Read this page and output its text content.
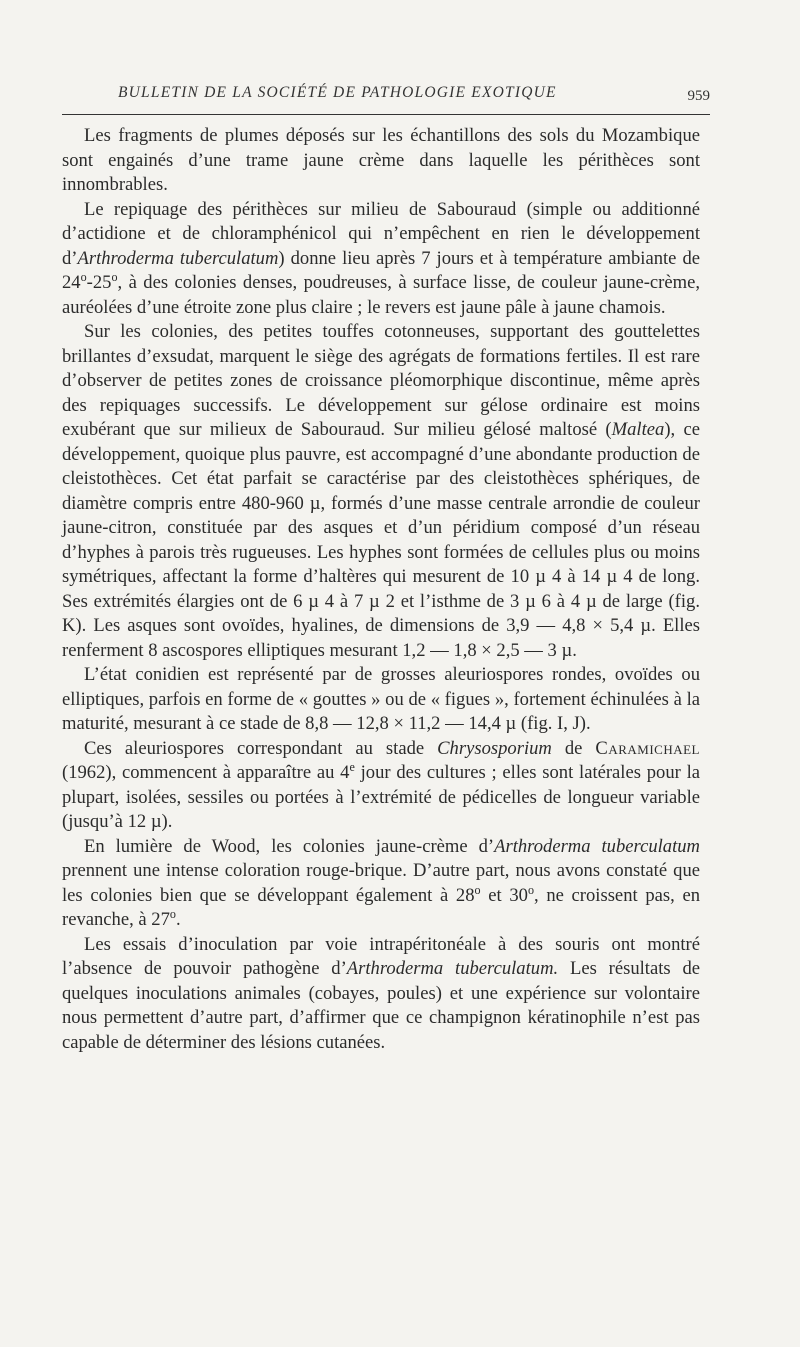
BULLETIN DE LA SOCIÉTÉ DE PATHOLOGIE EXOTIQUE	959

Les fragments de plumes déposés sur les échantillons des sols du Mozambique sont engainés d’une trame jaune crème dans laquelle les périthèces sont innombrables.

Le repiquage des périthèces sur milieu de Sabouraud (simple ou additionné d’actidione et de chloramphénicol qui n’empêchent en rien le développement d’Arthroderma tuberculatum) donne lieu après 7 jours et à température ambiante de 24$^o$-25$^o$, à des colonies denses, poudreuses, à surface lisse, de couleur jaune-crème, auréolées d’une étroite zone plus claire ; le revers est jaune pâle à jaune chamois.

Sur les colonies, des petites touffes cotonneuses, supportant des gouttelettes brillantes d’exsudat, marquent le siège des agrégats de formations fertiles. Il est rare d’observer de petites zones de croissance pléomorphique discontinue, même après des repiquages successifs. Le développement sur gélose ordinaire est moins exubérant que sur milieux de Sabouraud. Sur milieu gélosé maltosé (Maltea), ce développement, quoique plus pauvre, est accompagné d’une abondante production de cleistothèces. Cet état parfait se caractérise par des cleistothèces sphériques, de diamètre compris entre 480-960 µ, formés d’une masse centrale arrondie de couleur jaune-citron, constituée par des asques et d’un péridium composé d’un réseau d’hyphes à parois très rugueuses. Les hyphes sont formées de cellules plus ou moins symétriques, affectant la forme d’haltères qui mesurent de 10 µ 4 à 14 µ 4 de long. Ses extrémités élargies ont de 6 µ 4 à 7 µ 2 et l’isthme de 3 µ 6 à 4 µ de large (fig. K). Les asques sont ovoïdes, hyalines, de dimensions de 3,9 — 4,8 × 5,4 µ. Elles renferment 8 ascospores elliptiques mesurant 1,2 — 1,8 × 2,5 — 3 µ.

L’état conidien est représenté par de grosses aleuriospores rondes, ovoïdes ou elliptiques, parfois en forme de « gouttes » ou de « figues », fortement échinulées à la maturité, mesurant à ce stade de 8,8 — 12,8 × 11,2 — 14,4 µ (fig. I, J).

Ces aleuriospores correspondant au stade Chrysosporium de Caramichael (1962), commencent à apparaître au 4e jour des cultures ; elles sont latérales pour la plupart, isolées, sessiles ou portées à l’extrémité de pédicelles de longueur variable (jusqu’à 12 µ).

En lumière de Wood, les colonies jaune-crème d’Arthroderma tuberculatum prennent une intense coloration rouge-brique. D’autre part, nous avons constaté que les colonies bien que se développant également à 28$^o$ et 30$^o$, ne croissent pas, en revanche, à 27$^o$.

Les essais d’inoculation par voie intrapéritonéale à des souris ont montré l’absence de pouvoir pathogène d’Arthroderma tuberculatum. Les résultats de quelques inoculations animales (cobayes, poules) et une expérience sur volontaire nous permettent d’autre part, d’affirmer que ce champignon kératinophile n’est pas capable de déterminer des lésions cutanées.
